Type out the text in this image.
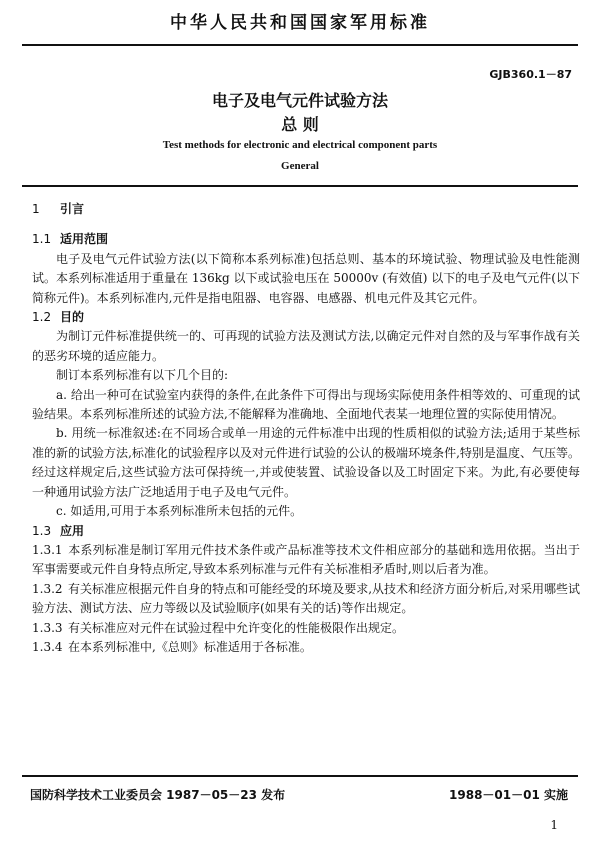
中华人民共和国国家军用标准
GJB360.1－87
电子及电气元件试验方法
总 则
Test methods for electronic and electrical component parts
General
1 引言
1.1 适用范围

电子及电气元件试验方法(以下简称本系列标准)包括总则、基本的环境试验、物理试验及电性能测试。本系列标准适用于重量在 136kg 以下或试验电压在 50000v (有效值) 以下的电子及电气元件(以下简称元件)。本系列标准内,元件是指电阻器、电容器、电感器、机电元件及其它元件。

1.2 目的

为制订元件标准提供统一的、可再现的试验方法及测试方法,以确定元件对自然的及与军事作战有关的恶劣环境的适应能力。

制订本系列标准有以下几个目的:

a. 给出一种可在试验室内获得的条件,在此条件下可得出与现场实际使用条件相等效的、可重现的试验结果。本系列标准所述的试验方法,不能解释为准确地、全面地代表某一地理位置的实际使用情况。

b. 用统一标准叙述:在不同场合或单一用途的元件标准中出现的性质相似的试验方法;适用于某些标准的新的试验方法,标准化的试验程序以及对元件进行试验的公认的极端环境条件,特别是温度、气压等。经过这样规定后,这些试验方法可保持统一,并或使装置、试验设备以及工时固定下来。为此,有必要使每一种通用试验方法广泛地适用于电子及电气元件。

c. 如适用,可用于本系列标准所未包括的元件。

1.3 应用

1.3.1 本系列标准是制订军用元件技术条件或产品标准等技术文件相应部分的基础和选用依据。当出于军事需要或元件自身特点所定,导致本系列标准与元件有关标准相矛盾时,则以后者为准。

1.3.2 有关标准应根据元件自身的特点和可能经受的环境及要求,从技术和经济方面分析后,对采用哪些试验方法、测试方法、应力等级以及试验顺序(如果有关的话)等作出规定。

1.3.3 有关标准应对元件在试验过程中允许变化的性能极限作出规定。

1.3.4 在本系列标准中,《总则》标准适用于各标准。

国防科学技术工业委员会 1987－05－23 发布	1988－01－01 实施
1
